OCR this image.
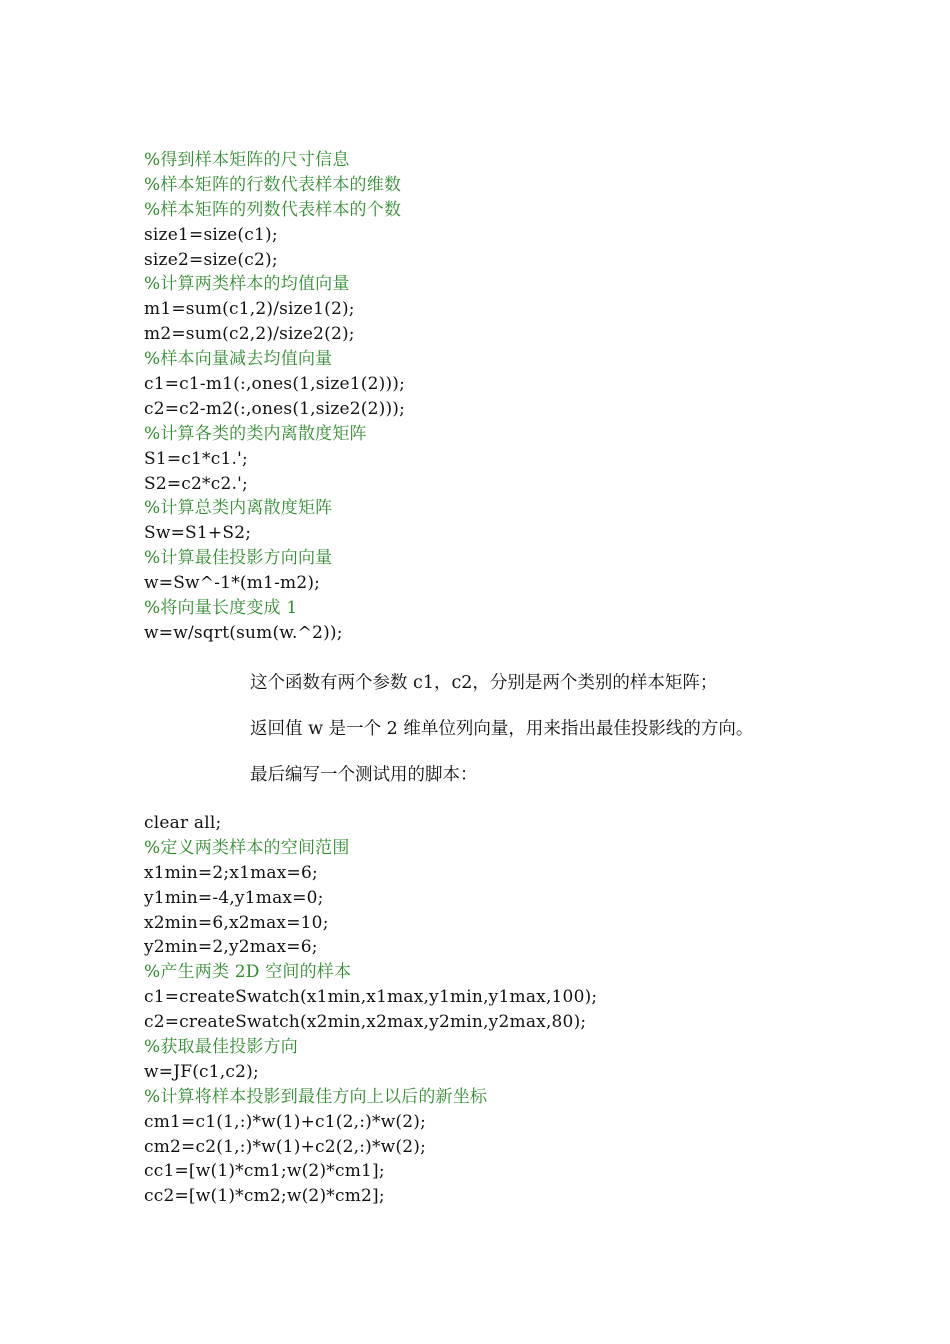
%得到样本矩阵的尺寸信息
%样本矩阵的行数代表样本的维数
%样本矩阵的列数代表样本的个数
size1=size(c1);
size2=size(c2);
%计算两类样本的均值向量
m1=sum(c1,2)/size1(2);
m2=sum(c2,2)/size2(2);
%样本向量减去均值向量
c1=c1-m1(:,ones(1,size1(2)));
c2=c2-m2(:,ones(1,size2(2)));
%计算各类的类内离散度矩阵
S1=c1*c1.';
S2=c2*c2.';
%计算总类内离散度矩阵
Sw=S1+S2;
%计算最佳投影方向向量
w=Sw^-1*(m1-m2);
%将向量长度变成 1
w=w/sqrt(sum(w.^2));
这个函数有两个参数 c1，c2，分别是两个类别的样本矩阵；
返回值 w 是一个 2 维单位列向量，用来指出最佳投影线的方向。
最后编写一个测试用的脚本：
clear all;
%定义两类样本的空间范围
x1min=2;x1max=6;
y1min=-4,y1max=0;
x2min=6,x2max=10;
y2min=2,y2max=6;
%产生两类 2D 空间的样本
c1=createSwatch(x1min,x1max,y1min,y1max,100);
c2=createSwatch(x2min,x2max,y2min,y2max,80);
%获取最佳投影方向
w=JF(c1,c2);
%计算将样本投影到最佳方向上以后的新坐标
cm1=c1(1,:)*w(1)+c1(2,:)*w(2);
cm2=c2(1,:)*w(1)+c2(2,:)*w(2);
cc1=[w(1)*cm1;w(2)*cm1];
cc2=[w(1)*cm2;w(2)*cm2];
